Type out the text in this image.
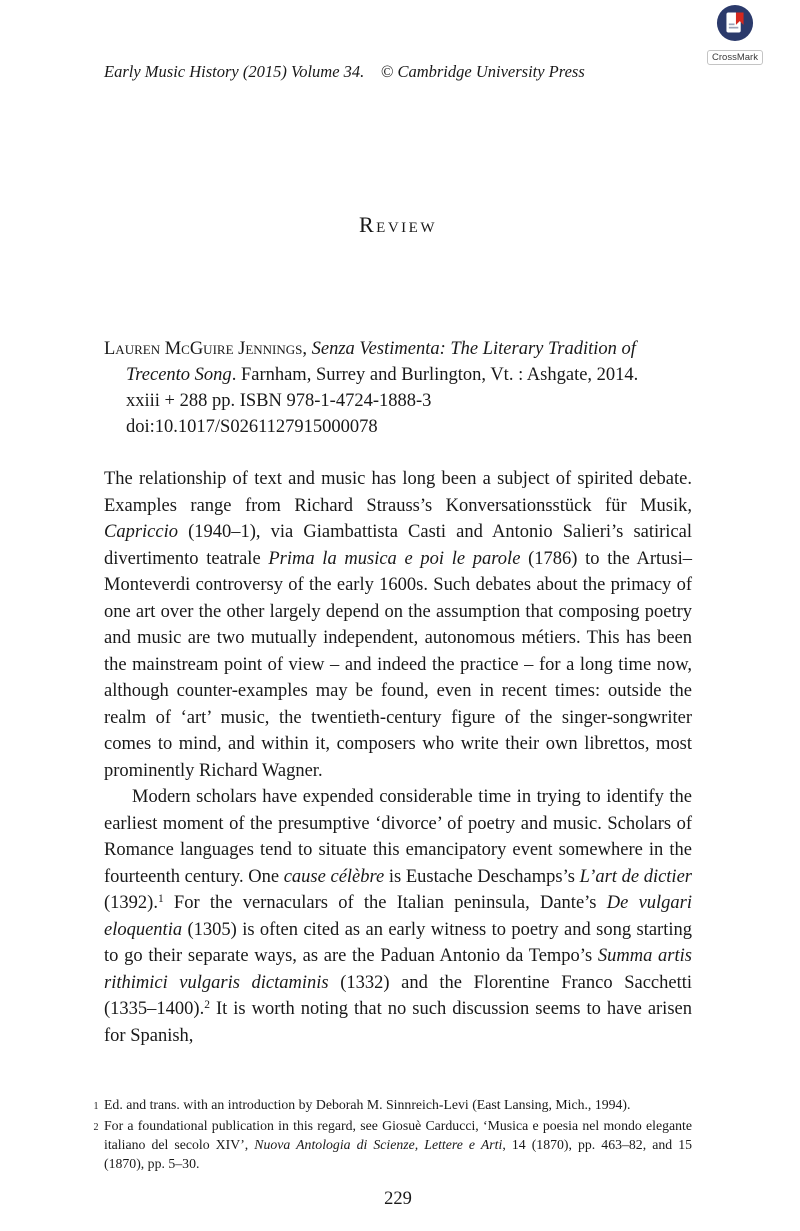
CrossMark
Early Music History (2015) Volume 34.    © Cambridge University Press
Review
Lauren McGuire Jennings, Senza Vestimenta: The Literary Tradition of
Trecento Song. Farnham, Surrey and Burlington, Vt. : Ashgate, 2014.
xxiii + 288 pp. ISBN 978-1-4724-1888-3
doi:10.1017/S0261127915000078

The relationship of text and music has long been a subject of spirited debate. Examples range from Richard Strauss’s Konversationsstück für Musik, Capriccio (1940–1), via Giambattista Casti and Antonio Salieri’s satirical divertimento teatrale Prima la musica e poi le parole (1786) to the Artusi–Monteverdi controversy of the early 1600s. Such debates about the primacy of one art over the other largely depend on the assumption that composing poetry and music are two mutually independent, autonomous métiers. This has been the mainstream point of view – and indeed the practice – for a long time now, although counter-examples may be found, even in recent times: outside the realm of ‘art’ music, the twentieth-century figure of the singer-songwriter comes to mind, and within it, composers who write their own librettos, most prominently Richard Wagner.

Modern scholars have expended considerable time in trying to identify the earliest moment of the presumptive ‘divorce’ of poetry and music. Scholars of Romance languages tend to situate this emancipatory event somewhere in the fourteenth century. One cause célèbre is Eustache Deschamps’s L’art de dictier (1392).$^1$ For the vernaculars of the Italian peninsula, Dante’s De vulgari eloquentia (1305) is often cited as an early witness to poetry and song starting to go their separate ways, as are the Paduan Antonio da Tempo’s Summa artis rithimici vulgaris dictaminis (1332) and the Florentine Franco Sacchetti (1335–1400).$^2$ It is worth noting that no such discussion seems to have arisen for Spanish,

1 Ed. and trans. with an introduction by Deborah M. Sinnreich-Levi (East Lansing, Mich., 1994).
2 For a foundational publication in this regard, see Giosuè Carducci, ‘Musica e poesia nel mondo elegante italiano del secolo XIV’, Nuova Antologia di Scienze, Lettere e Arti, 14 (1870), pp. 463–82, and 15 (1870), pp. 5–30.
229
